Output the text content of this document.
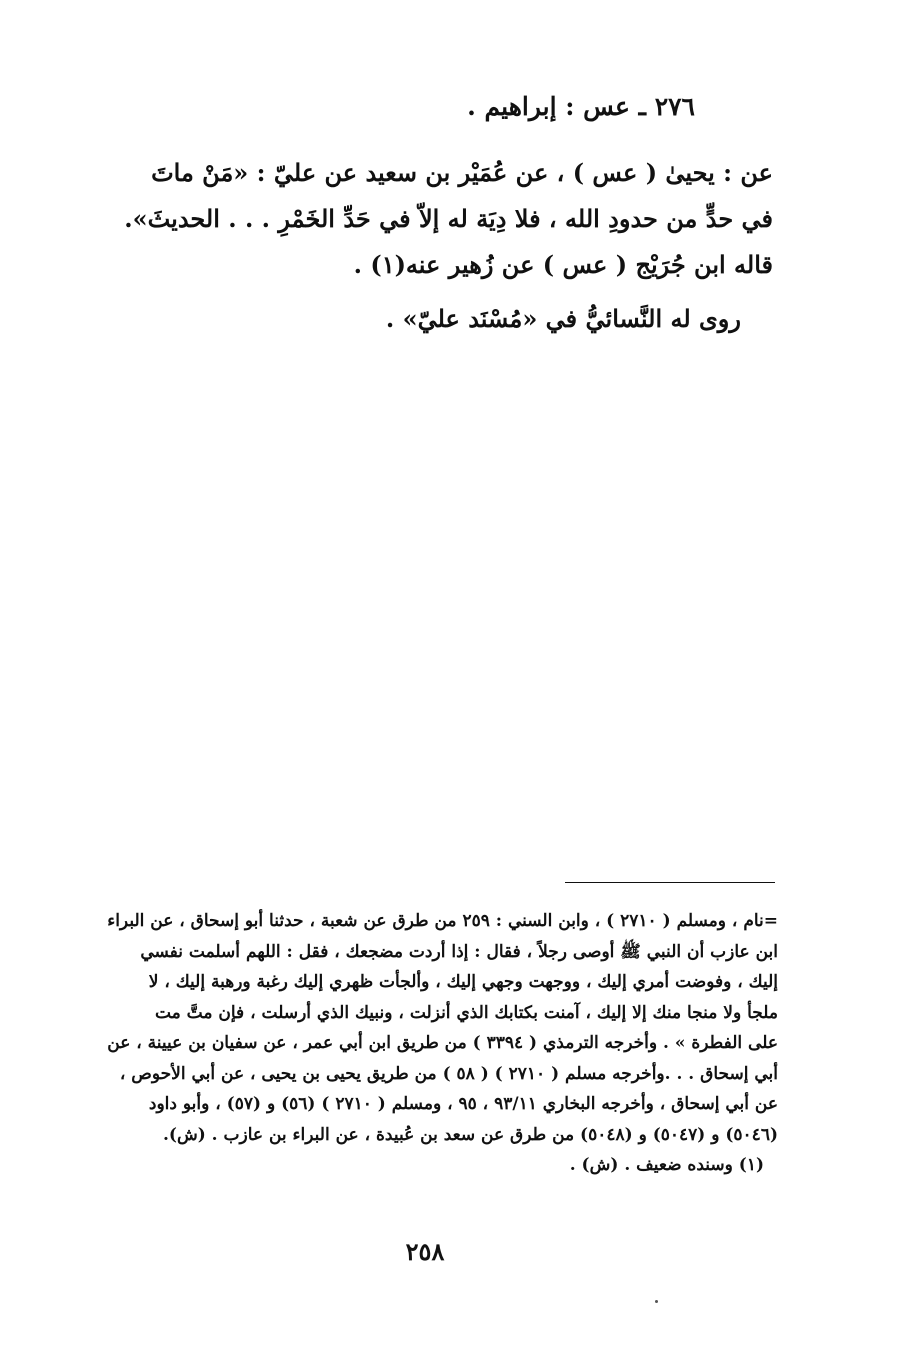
٢٧٦ ـ عس : إبراهيم .
عن : يحيىٰ ( عس ) ، عن عُمَيْر بن سعيد عن عليّ : «مَنْ ماتَ
في حدٍّ من حدودِ الله ، فلا دِيَة له إلاّ في حَدِّ الخَمْرِ . . . الحديثَ».
قاله ابن جُرَيْج ( عس ) عن زُهير عنه(١) .
روى له النَّسائيُّ في «مُسْنَد عليّ» .
=نام ، ومسلم ( ٢٧١٠ ) ، وابن السني : ٢٥٩ من طرق عن شعبة ، حدثنا أبو إسحاق ، عن البراء
ابن عازب أن النبي ﷺ أوصى رجلاً ، فقال : إذا أردت مضجعك ، فقل : اللهم أسلمت نفسي
إليك ، وفوضت أمري إليك ، ووجهت وجهي إليك ، وألجأت ظهري إليك رغبة ورهبة إليك ، لا
ملجأ ولا منجا منك إلا إليك ، آمنت بكتابك الذي أنزلت ، ونبيك الذي أرسلت ، فإن متَّ مت
على الفطرة » . وأخرجه الترمذي ( ٣٣٩٤ ) من طريق ابن أبي عمر ، عن سفيان بن عيينة ، عن
أبي إسحاق . . .وأخرجه مسلم ( ٢٧١٠ ) ( ٥٨ ) من طريق يحيى بن يحيى ، عن أبي الأحوص ،
عن أبي إسحاق ، وأخرجه البخاري ٩٣/١١ ، ٩٥ ، ومسلم ( ٢٧١٠ ) (٥٦) و (٥٧) ، وأبو داود
(٥٠٤٦) و (٥٠٤٧) و (٥٠٤٨) من طرق عن سعد بن عُبيدة ، عن البراء بن عازب . (ش).
(١) وسنده ضعيف . (ش) .
٢٥٨
